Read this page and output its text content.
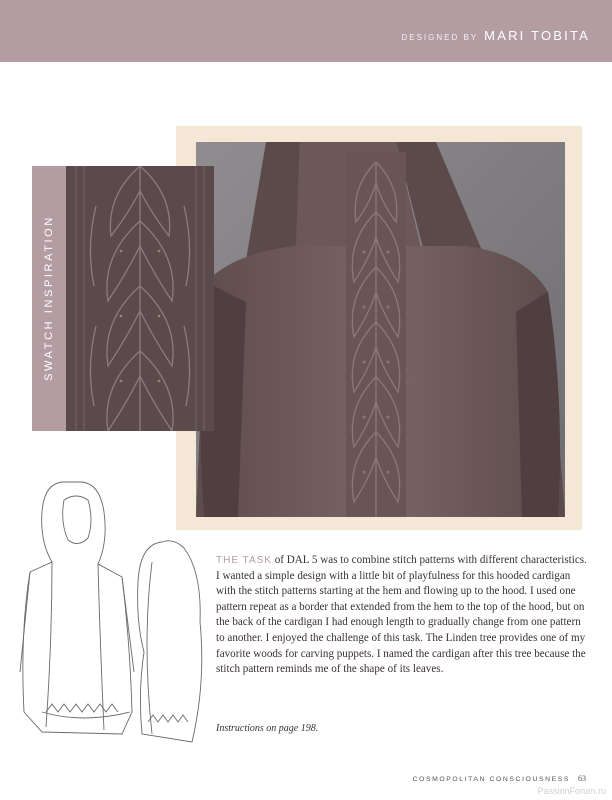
DESIGNED BY MARI TOBITA
SWATCH INSPIRATION

THE TASK of DAL 5 was to combine stitch patterns with different characteristics. I wanted a simple design with a little bit of playfulness for this hooded cardigan with the stitch patterns starting at the hem and flowing up to the hood. I used one pattern repeat as a border that extended from the hem to the top of the hood, but on the back of the cardigan I had enough length to gradually change from one pattern to another. I enjoyed the challenge of this task. The Linden tree provides one of my favorite woods for carving puppets. I named the cardigan after this tree because the stitch pattern reminds me of the shape of its leaves.

Instructions on page 198.
COSMOPOLITAN CONSCIOUSNESS 63
PassionForum.ru
